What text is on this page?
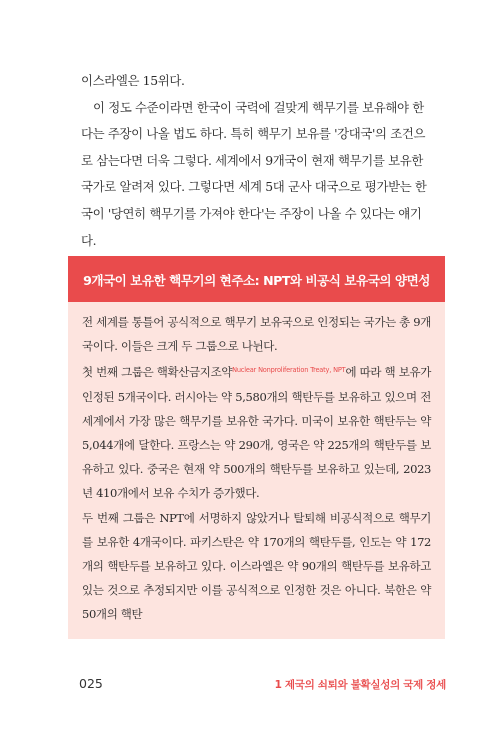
이스라엘은 15위다.

이 정도 수준이라면 한국이 국력에 걸맞게 핵무기를 보유해야 한다는 주장이 나올 법도 하다. 특히 핵무기 보유를 '강대국'의 조건으로 삼는다면 더욱 그렇다. 세계에서 9개국이 현재 핵무기를 보유한 국가로 알려져 있다. 그렇다면 세계 5대 군사 대국으로 평가받는 한국이 '당연히 핵무기를 가져야 한다'는 주장이 나올 수 있다는 얘기다.

9개국이 보유한 핵무기의 현주소: NPT와 비공식 보유국의 양면성

전 세계를 통틀어 공식적으로 핵무기 보유국으로 인정되는 국가는 총 9개국이다. 이들은 크게 두 그룹으로 나뉜다.

첫 번째 그룹은 핵확산금지조약$^{Nuclear Nonproliferation Treaty, NPT}$에 따라 핵 보유가 인정된 5개국이다. 러시아는 약 5,580개의 핵탄두를 보유하고 있으며 전 세계에서 가장 많은 핵무기를 보유한 국가다. 미국이 보유한 핵탄두는 약 5,044개에 달한다. 프랑스는 약 290개, 영국은 약 225개의 핵탄두를 보유하고 있다. 중국은 현재 약 500개의 핵탄두를 보유하고 있는데, 2023년 410개에서 보유 수치가 증가했다.

두 번째 그룹은 NPT에 서명하지 않았거나 탈퇴해 비공식적으로 핵무기를 보유한 4개국이다. 파키스탄은 약 170개의 핵탄두를, 인도는 약 172개의 핵탄두를 보유하고 있다. 이스라엘은 약 90개의 핵탄두를 보유하고 있는 것으로 추정되지만 이를 공식적으로 인정한 것은 아니다. 북한은 약 50개의 핵탄

025	1 제국의 쇠퇴와 불확실성의 국제 정세
